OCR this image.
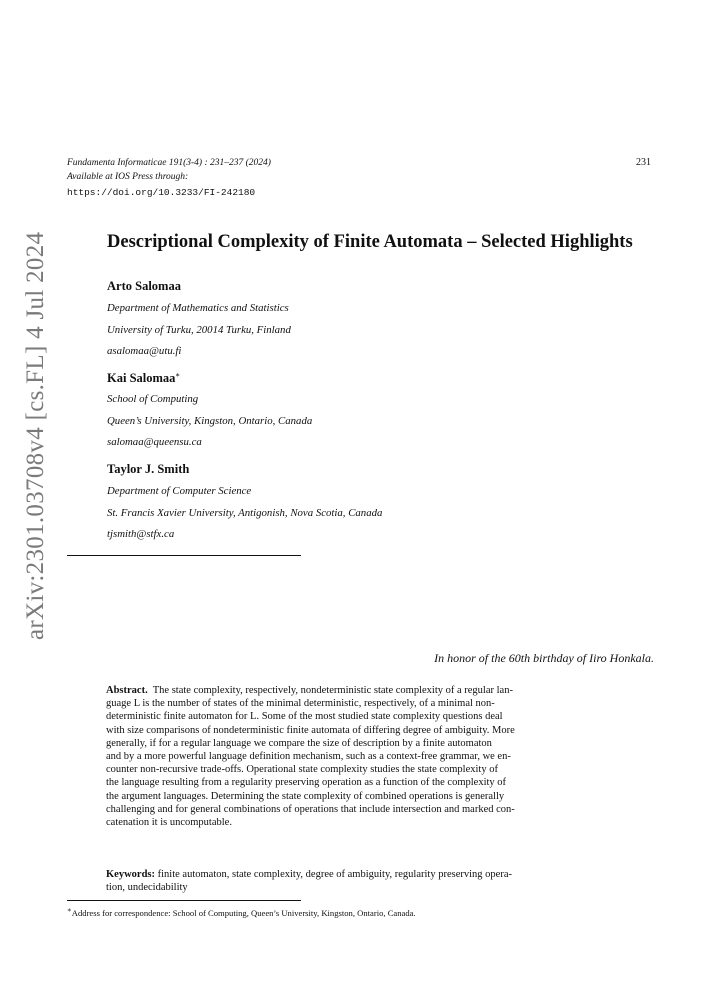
arXiv:2301.03708v4 [cs.FL] 4 Jul 2024
Fundamenta Informaticae 191(3-4) : 231–237 (2024)
Available at IOS Press through:
https://doi.org/10.3233/FI-242180
231
Descriptional Complexity of Finite Automata – Selected Highlights
Arto Salomaa
Department of Mathematics and Statistics
University of Turku, 20014 Turku, Finland
asalomaa@utu.fi
Kai Salomaa∗
School of Computing
Queen’s University, Kingston, Ontario, Canada
salomaa@queensu.ca
Taylor J. Smith
Department of Computer Science
St. Francis Xavier University, Antigonish, Nova Scotia, Canada
tjsmith@stfx.ca
In honor of the 60th birthday of Iiro Honkala.
Abstract. The state complexity, respectively, nondeterministic state complexity of a regular lan-
guage L is the number of states of the minimal deterministic, respectively, of a minimal non-
deterministic finite automaton for L. Some of the most studied state complexity questions deal
with size comparisons of nondeterministic finite automata of differing degree of ambiguity. More
generally, if for a regular language we compare the size of description by a finite automaton
and by a more powerful language definition mechanism, such as a context-free grammar, we en-
counter non-recursive trade-offs. Operational state complexity studies the state complexity of
the language resulting from a regularity preserving operation as a function of the complexity of
the argument languages. Determining the state complexity of combined operations is generally
challenging and for general combinations of operations that include intersection and marked con-
catenation it is uncomputable.
Keywords: finite automaton, state complexity, degree of ambiguity, regularity preserving opera-
tion, undecidability
∗Address for correspondence: School of Computing, Queen’s University, Kingston, Ontario, Canada.
